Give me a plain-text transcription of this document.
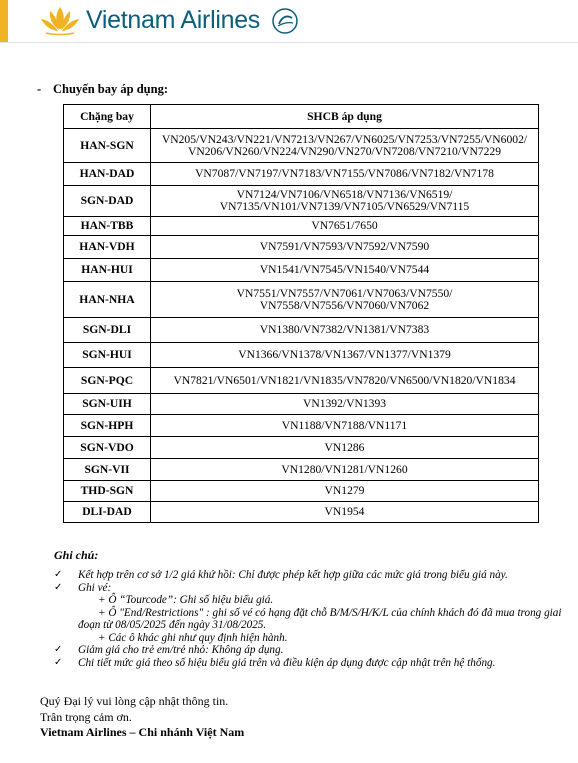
Vietnam Airlines
- Chuyến bay áp dụng:
Chặng bay	SHCB áp dụng
HAN-SGN	VN205/VN243/VN221/VN7213/VN267/VN6025/VN7253/VN7255/VN6002/
VN206/VN260/VN224/VN290/VN270/VN7208/VN7210/VN7229
HAN-DAD	VN7087/VN7197/VN7183/VN7155/VN7086/VN7182/VN7178
SGN-DAD	VN7124/VN7106/VN6518/VN7136/VN6519/
VN7135/VN101/VN7139/VN7105/VN6529/VN7115
HAN-TBB	VN7651/7650
HAN-VDH	VN7591/VN7593/VN7592/VN7590
HAN-HUI	VN1541/VN7545/VN1540/VN7544
HAN-NHA	VN7551/VN7557/VN7061/VN7063/VN7550/
VN7558/VN7556/VN7060/VN7062
SGN-DLI	VN1380/VN7382/VN1381/VN7383
SGN-HUI	VN1366/VN1378/VN1367/VN1377/VN1379
SGN-PQC	VN7821/VN6501/VN1821/VN1835/VN7820/VN6500/VN1820/VN1834
SGN-UIH	VN1392/VN1393
SGN-HPH	VN1188/VN7188/VN1171
SGN-VDO	VN1286
SGN-VII	VN1280/VN1281/VN1260
THD-SGN	VN1279
DLI-DAD	VN1954
Ghi chú:
✓ Kết hợp trên cơ sở 1/2 giá khứ hồi: Chỉ được phép kết hợp giữa các mức giá trong biểu giá này.
✓ Ghi vé:
+ Ô “Tourcode”: Ghi số hiệu biểu giá.
+ Ô "End/Restrictions" : ghi số vé có hạng đặt chỗ B/M/S/H/K/L của chính khách đó đã mua trong giai
đoạn từ 08/05/2025 đến ngày 31/08/2025.
+ Các ô khác ghi như quy định hiện hành.
✓ Giảm giá cho trẻ em/trẻ nhỏ: Không áp dụng.
✓ Chi tiết mức giá theo số hiệu biểu giá trên và điều kiện áp dụng được cập nhật trên hệ thống.
Quý Đại lý vui lòng cập nhật thông tin.
Trân trọng cảm ơn.
Vietnam Airlines – Chi nhánh Việt Nam
